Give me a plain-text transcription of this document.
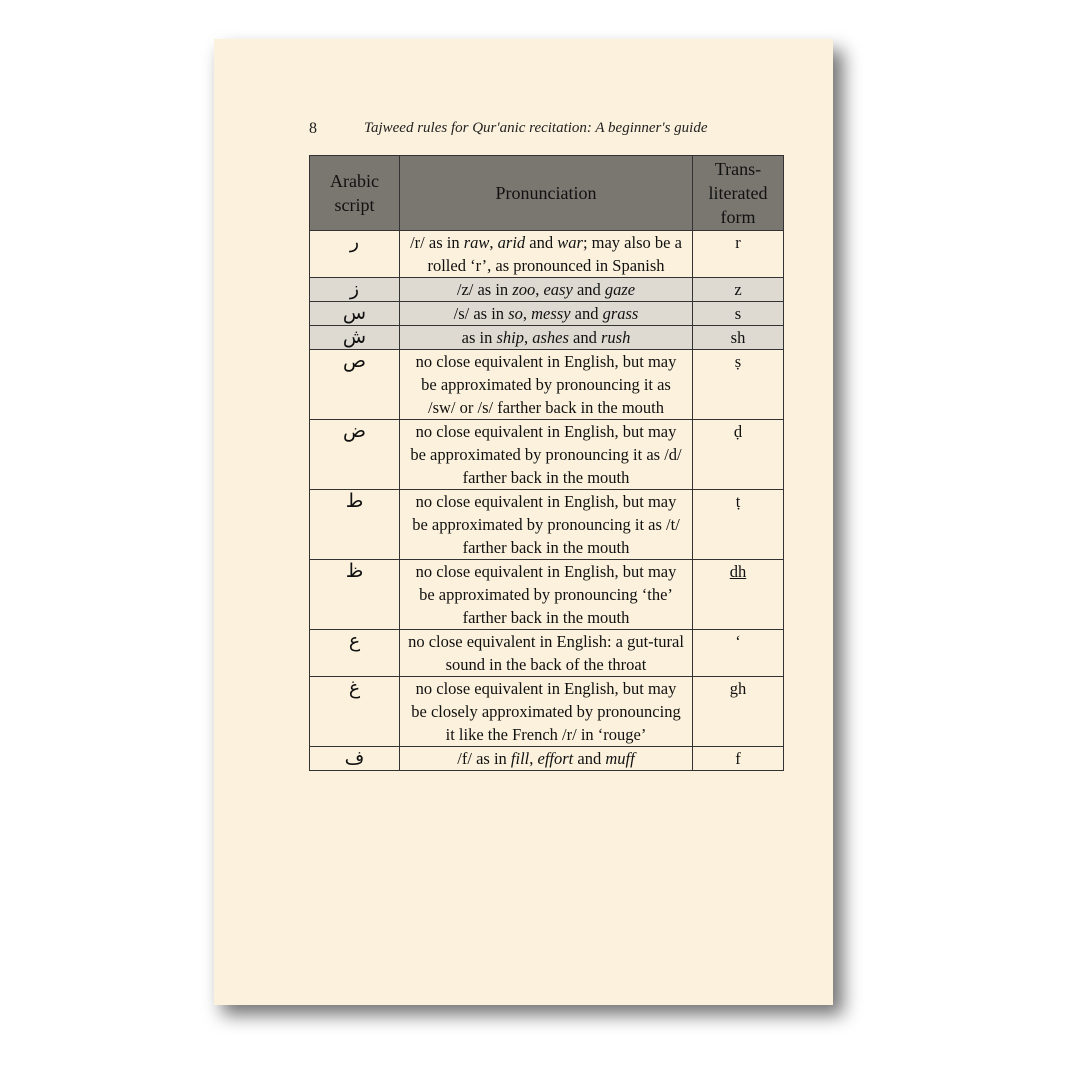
8	Tajweed rules for Qur'anic recitation: A beginner's guide
Arabic script	Pronunciation	Trans-literated form
ر	/r/ as in raw, arid and war; may also be a rolled ‘r’, as pronounced in Spanish	r
ز	/z/ as in zoo, easy and gaze	z
س	/s/ as in so, messy and grass	s
ش	as in ship, ashes and rush	sh
ص	no close equivalent in English, but may be approximated by pronouncing it as /sw/ or /s/ farther back in the mouth	ṣ
ض	no close equivalent in English, but may be approximated by pronouncing it as /d/ farther back in the mouth	ḍ
ط	no close equivalent in English, but may be approximated by pronouncing it as /t/ farther back in the mouth	ṭ
ظ	no close equivalent in English, but may be approximated by pronouncing ‘the’ farther back in the mouth	dh
ع	no close equivalent in English: a gut-tural sound in the back of the throat	‘
غ	no close equivalent in English, but may be closely approximated by pronouncing it like the French /r/ in ‘rouge’	gh
ف	/f/ as in fill, effort and muff	f
